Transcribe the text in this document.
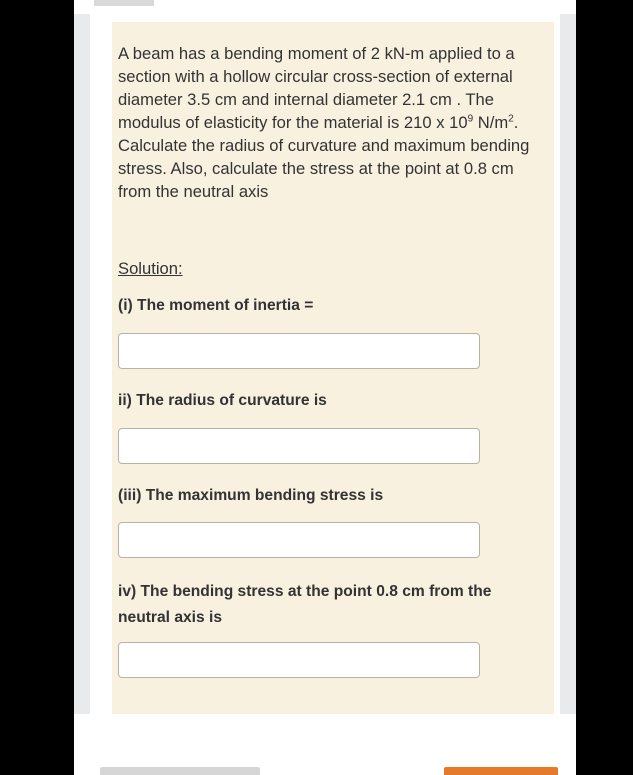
A beam has a bending moment of 2 kN-m applied to a section with a hollow circular cross-section of external diameter 3.5 cm and internal diameter 2.1 cm . The modulus of elasticity for the material is 210 x $10^9$ $N/m^2$. Calculate the radius of curvature and maximum bending stress. Also, calculate the stress at the point at 0.8 cm from the neutral axis

Solution:

(i) The moment of inertia =

ii) The radius of curvature is

(iii) The maximum bending stress is

iv) The bending stress at the point 0.8 cm from the neutral axis is
